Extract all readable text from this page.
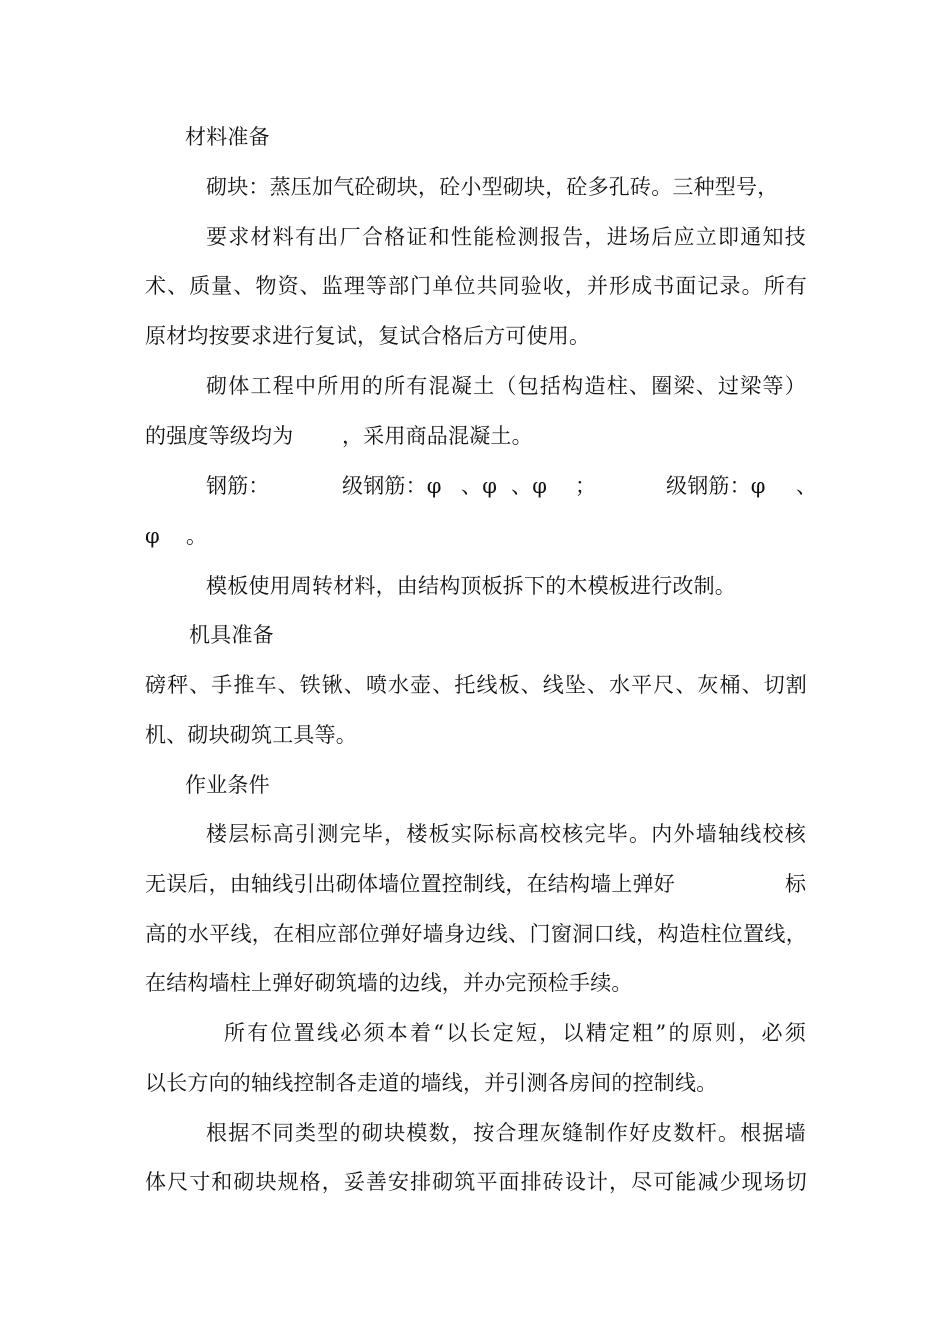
材料准备
砌块：蒸压加气砼砌块，砼小型砌块，砼多孔砖。三种型号，
要求材料有出厂合格证和性能检测报告，进场后应立即通知技
术、质量、物资、监理等部门单位共同验收，并形成书面记录。所有
原材均按要求进行复试，复试合格后方可使用。
砌体工程中所用的所有混凝土（包括构造柱、圈梁、过梁等）
的强度等级均为 ，采用商品混凝土。
钢筋：	级钢筋：φ 、φ 、φ ；	级钢筋：φ 、
φ 。
模板使用周转材料，由结构顶板拆下的木模板进行改制。
机具准备
磅秤、手推车、铁锹、喷水壶、托线板、线坠、水平尺、灰桶、切割
机、砌块砌筑工具等。
作业条件
楼层标高引测完毕，楼板实际标高校核完毕。内外墙轴线校核
无误后，由轴线引出砌体墙位置控制线，在结构墙上弹好	标
高的水平线，在相应部位弹好墙身边线、门窗洞口线，构造柱位置线，
在结构墙柱上弹好砌筑墙的边线，并办完预检手续。
所有位置线必须本着“以长定短，以精定粗”的原则，必须
以长方向的轴线控制各走道的墙线，并引测各房间的控制线。
根据不同类型的砌块模数，按合理灰缝制作好皮数杆。根据墙
体尺寸和砌块规格，妥善安排砌筑平面排砖设计，尽可能减少现场切
